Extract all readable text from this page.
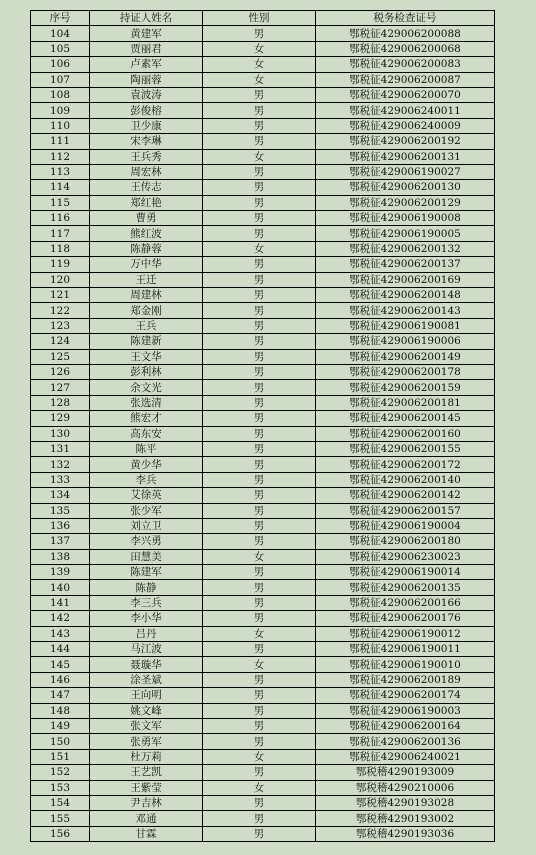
序号	持证人姓名	性别	税务检查证号
104	黄建军	男	鄂税征429006200088
105	贾丽君	女	鄂税征429006200068
106	卢素军	女	鄂税征429006200083
107	陶丽蓉	女	鄂税征429006200087
108	袁波涛	男	鄂税征429006200070
109	彭俊榕	男	鄂税征429006240011
110	卫少康	男	鄂税征429006240009
111	宋李琳	男	鄂税征429006200192
112	王兵秀	女	鄂税征429006200131
113	周宏林	男	鄂税征429006190027
114	王传志	男	鄂税征429006200130
115	郑红艳	男	鄂税征429006200129
116	曹勇	男	鄂税征429006190008
117	熊红波	男	鄂税征429006190005
118	陈静蓉	女	鄂税征429006200132
119	万中华	男	鄂税征429006200137
120	王迁	男	鄂税征429006200169
121	周建林	男	鄂税征429006200148
122	郑金刚	男	鄂税征429006200143
123	王兵	男	鄂税征429006190081
124	陈建新	男	鄂税征429006190006
125	王文华	男	鄂税征429006200149
126	彭利林	男	鄂税征429006200178
127	余文光	男	鄂税征429006200159
128	张选清	男	鄂税征429006200181
129	熊宏才	男	鄂税征429006200145
130	高东安	男	鄂税征429006200160
131	陈平	男	鄂税征429006200155
132	黄少华	男	鄂税征429006200172
133	李兵	男	鄂税征429006200140
134	艾徐英	男	鄂税征429006200142
135	张少军	男	鄂税征429006200157
136	刘立卫	男	鄂税征429006190004
137	李兴勇	男	鄂税征429006200180
138	田慧美	女	鄂税征429006230023
139	陈建军	男	鄂税征429006190014
140	陈静	男	鄂税征429006200135
141	李三兵	男	鄂税征429006200166
142	李小华	男	鄂税征429006200176
143	吕丹	女	鄂税征429006190012
144	马江波	男	鄂税征429006190011
145	聂璇华	女	鄂税征429006190010
146	涂圣斌	男	鄂税征429006200189
147	王向明	男	鄂税征429006200174
148	姚文峰	男	鄂税征429006190003
149	张文军	男	鄂税征429006200164
150	张勇军	男	鄂税征429006200136
151	杜万莉	女	鄂税征429006240021
152	王艺凯	男	鄂税稽4290193009
153	王紫莹	女	鄂税稽4290210006
154	尹吉林	男	鄂税稽4290193028
155	邓通	男	鄂税稽4290193002
156	甘霖	男	鄂税稽4290193036
